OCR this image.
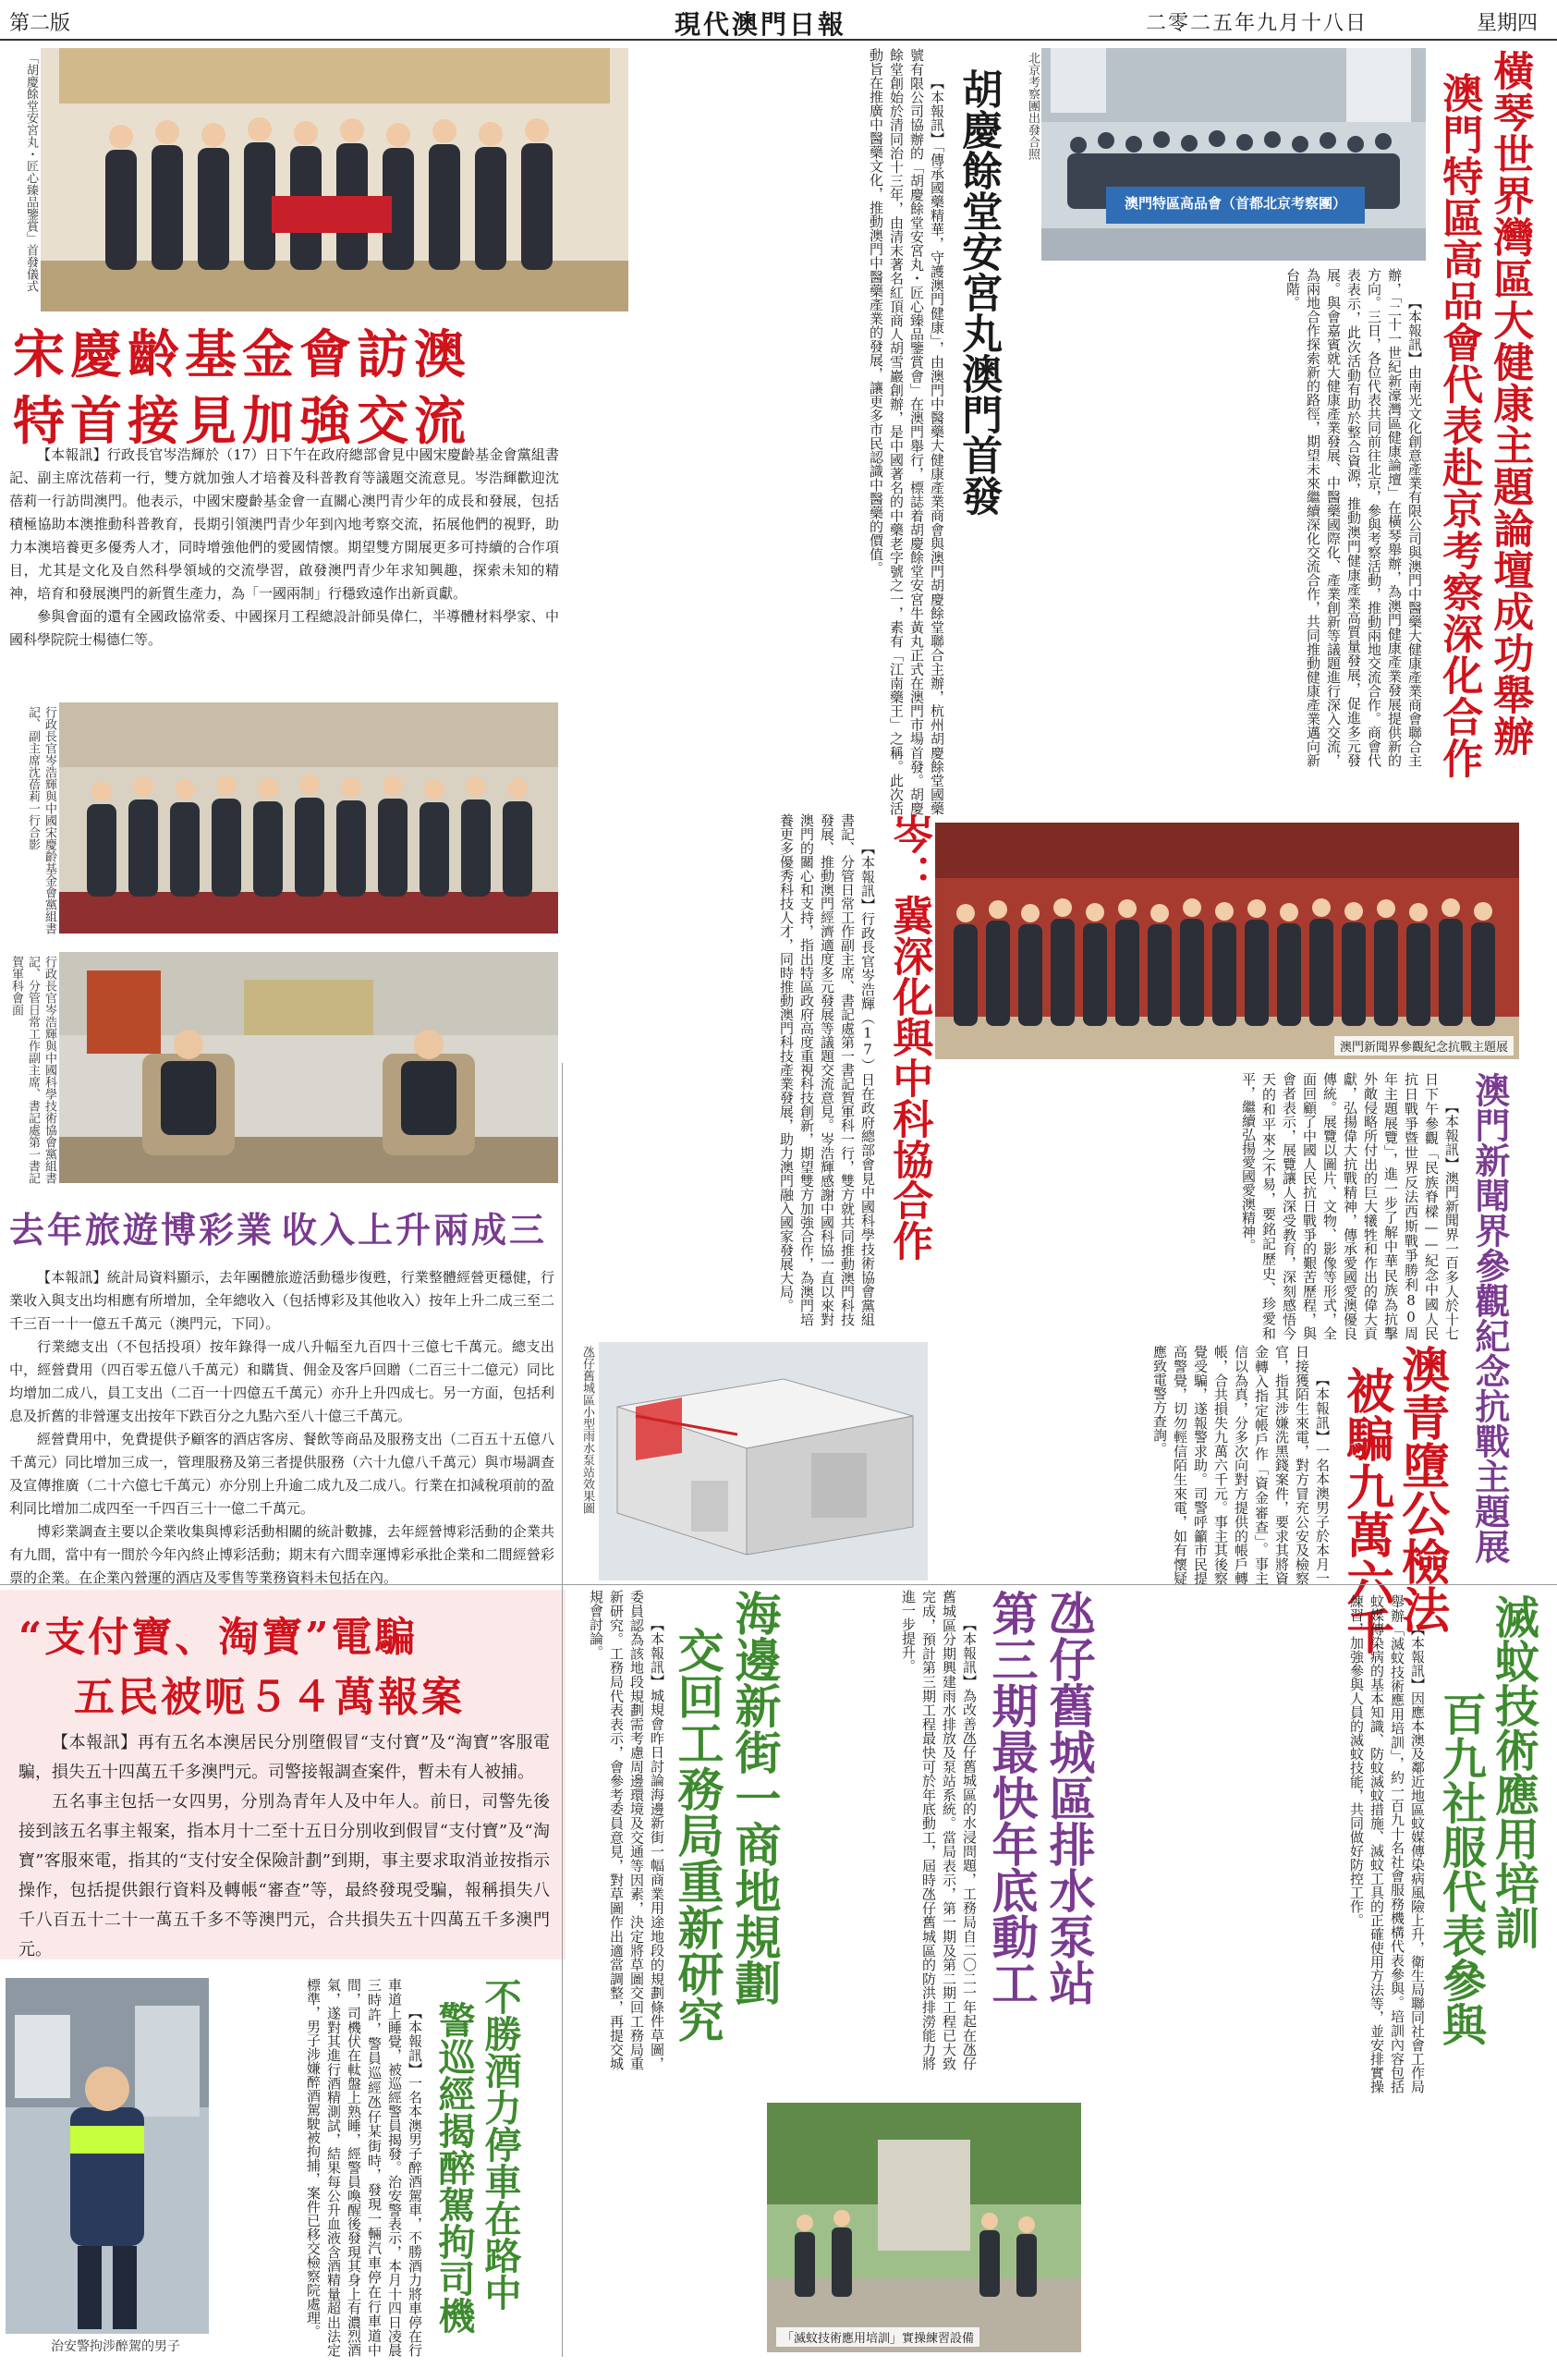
第二版	現代澳門日報	二零二五年九月十八日	星期四
橫琴世界灣區大健康主題論壇成功舉辦
澳門特區高品會代表赴京考察深化合作
澳門特區高品會（首都北京考察團）

【本報訊】由南光文化創意產業有限公司與澳門中醫藥大健康產業商會聯合主辦，「二十一世紀新濠灣區健康論壇」在橫琴舉辦，為澳門健康產業發展提供新的方向。三日，各位代表共同前往北京，參與考察活動，推動兩地交流合作。商會代表表示，此次活動有助於整合資源，推動澳門健康產業高質量發展，促進多元發展。與會嘉賓就大健康產業發展、中醫藥國際化、產業創新等議題進行深入交流，為兩地合作探索新的路徑，期望未來繼續深化交流合作，共同推動健康產業邁向新台階。

北京考察團出發合照
胡慶餘堂安宮丸澳門首發

【本報訊】「傳承國藥精華，守護澳門健康」，由澳門中醫藥大健康產業商會與澳門胡慶餘堂聯合主辦，杭州胡慶餘堂國藥號有限公司協辦的「胡慶餘堂安宮丸・匠心臻品鑒賞會」在澳門舉行，標誌着胡慶餘堂安宮牛黃丸正式在澳門市場首發。胡慶餘堂創始於清同治十三年，由清末著名紅頂商人胡雪巖創辦，是中國著名的中藥老字號之一，素有「江南藥王」之稱。此次活動旨在推廣中醫藥文化，推動澳門中醫藥產業的發展，讓更多市民認識中醫藥的價值。

「胡慶餘堂安宮丸・匠心臻品鑒賞」首發儀式
宋慶齡基金會訪澳
特首接見加強交流

【本報訊】行政長官岑浩輝於（17）日下午在政府總部會見中國宋慶齡基金會黨組書記、副主席沈蓓莉一行，雙方就加強人才培養及科普教育等議題交流意見。岑浩輝歡迎沈蓓莉一行訪問澳門。他表示，中國宋慶齡基金會一直關心澳門青少年的成長和發展，包括積極協助本澳推動科普教育，長期引領澳門青少年到內地考察交流，拓展他們的視野，助力本澳培養更多優秀人才，同時增強他們的愛國情懷。期望雙方開展更多可持續的合作項目，尤其是文化及自然科學領域的交流學習，啟發澳門青少年求知興趣，探索未知的精神，培育和發展澳門的新質生產力，為「一國兩制」行穩致遠作出新貢獻。

參與會面的還有全國政協常委、中國探月工程總設計師吳偉仁，半導體材料學家、中國科學院院士楊德仁等。

行政長官岑浩輝與中國宋慶齡基金會黨組書記、副主席沈蓓莉一行合影
行政長官岑浩輝與中國科學技術協會黨組書記、分管日常工作副主席、書記處第一書記賀軍科會面	岑：冀深化與中科協合作

【本報訊】行政長官岑浩輝（17）日在政府總部會見中國科學技術協會黨組書記、分管日常工作副主席、書記處第一書記賀軍科一行，雙方就共同推動澳門科技發展、推動澳門經濟適度多元發展等議題交流意見。岑浩輝感謝中國科協一直以來對澳門的關心和支持，指出特區政府高度重視科技創新，期望雙方加強合作，為澳門培養更多優秀科技人才，同時推動澳門科技產業發展，助力澳門融入國家發展大局。	澳門新聞界參觀紀念抗戰主題展
澳門新聞界參觀紀念抗戰主題展

【本報訊】澳門新聞界一百多人於十七日下午參觀「民族脊樑——紀念中國人民抗日戰爭暨世界反法西斯戰爭勝利80周年主題展覽」，進一步了解中華民族為抗擊外敵侵略所付出的巨大犧牲和作出的偉大貢獻，弘揚偉大抗戰精神，傳承愛國愛澳優良傳統。展覽以圖片、文物、影像等形式，全面回顧了中國人民抗日戰爭的艱苦歷程，與會者表示，展覽讓人深受教育，深刻感悟今天的和平來之不易，要銘記歷史、珍愛和平，繼續弘揚愛國愛澳精神。

澳青墮公檢法
被騙九萬六千

【本報訊】一名本澳男子於本月一日接獲陌生來電，對方冒充公安及檢察官，指其涉嫌洗黑錢案件，要求其將資金轉入指定帳戶作「資金審查」。事主信以為真，分多次向對方提供的帳戶轉帳，合共損失九萬六千元。事主其後察覺受騙，遂報警求助。司警呼籲市民提高警覺，切勿輕信陌生來電，如有懷疑應致電警方查詢。

去年旅遊博彩業 收入上升兩成三

【本報訊】統計局資料顯示，去年團體旅遊活動穩步復甦，行業整體經營更穩健，行業收入與支出均相應有所增加，全年總收入（包括博彩及其他收入）按年上升二成三至二千三百一十一億五千萬元（澳門元，下同）。

行業總支出（不包括投項）按年錄得一成八升幅至九百四十三億七千萬元。總支出中，經營費用（四百零五億八千萬元）和購貨、佣金及客戶回贈（二百三十二億元）同比均增加二成八，員工支出（二百一十四億五千萬元）亦升上升四成七。另一方面，包括利息及折舊的非營運支出按年下跌百分之九點六至八十億三千萬元。

經營費用中，免費提供予顧客的酒店客房、餐飲等商品及服務支出（二百五十五億八千萬元）同比增加三成一，管理服務及第三者提供服務（六十九億八千萬元）與市場調查及宣傳推廣（二十六億七千萬元）亦分別上升逾二成九及二成八。行業在扣減稅項前的盈利同比增加二成四至一千四百三十一億二千萬元。

博彩業調查主要以企業收集與博彩活動相關的統計數據，去年經營博彩活動的企業共有九間，當中有一間於今年內終止博彩活動；期末有六間幸運博彩承批企業和二間經營彩票的企業。在企業內營運的酒店及零售等業務資料未包括在內。

氹仔舊城區小型雨水泵站效果圖
“支付寶、淘寶”電騙
五民被呃５４萬報案

【本報訊】再有五名本澳居民分別墮假冒“支付寶”及“淘寶”客服電騙，損失五十四萬五千多澳門元。司警接報調查案件，暫未有人被捕。

五名事主包括一女四男，分別為青年人及中年人。前日，司警先後接到該五名事主報案，指本月十二至十五日分別收到假冒“支付寶”及“淘寶”客服來電，指其的“支付安全保險計劃”到期，事主要求取消並按指示操作，包括提供銀行資料及轉帳“審查”等，最終發現受騙，報稱損失八千八百五十二十一萬五千多不等澳門元，合共損失五十四萬五千多澳門元。	氹仔舊城區排水泵站
第三期最快年底動工

【本報訊】為改善氹仔舊城區的水浸問題，工務局自二〇二一年起在氹仔舊城區分期興建雨水排放及泵站系統。當局表示，第一期及第二期工程已大致完成，預計第三期工程最快可於年底動工，屆時氹仔舊城區的防洪排澇能力將進一步提升。

海邊新街一商地規劃
交回工務局重新研究

【本報訊】城規會昨日討論海邊新街一幅商業用途地段的規劃條件草圖，委員認為該地段規劃需考慮周邊環境及交通等因素，決定將草圖交回工務局重新研究。工務局代表表示，會參考委員意見，對草圖作出適當調整，再提交城規會討論。	滅蚊技術應用培訓
百九社服代表參與

【本報訊】因應本澳及鄰近地區蚊媒傳染病風險上升，衛生局聯同社會工作局舉辦「滅蚊技術應用培訓」，約一百九十名社會服務機構代表參與。培訓內容包括蚊媒傳染病的基本知識、防蚊滅蚊措施、滅蚊工具的正確使用方法等，並安排實操練習，加強參與人員的滅蚊技能，共同做好防控工作。

「滅蚊技術應用培訓」實操練習設備
不勝酒力停車在路中
警巡經揭醉駕拘司機

【本報訊】一名本澳男子醉酒駕車，不勝酒力將車停在行車道上睡覺，被巡經警員揭發。治安警表示，本月十四日凌晨三時許，警員巡經氹仔某街時，發現一輛汽車停在行車道中間，司機伏在軚盤上熟睡，經警員喚醒後發現其身上有濃烈酒氣，遂對其進行酒精測試，結果每公升血液含酒精量超出法定標準，男子涉嫌醉酒駕駛被拘捕，案件已移交檢察院處理。

治安警拘涉醉駕的男子
